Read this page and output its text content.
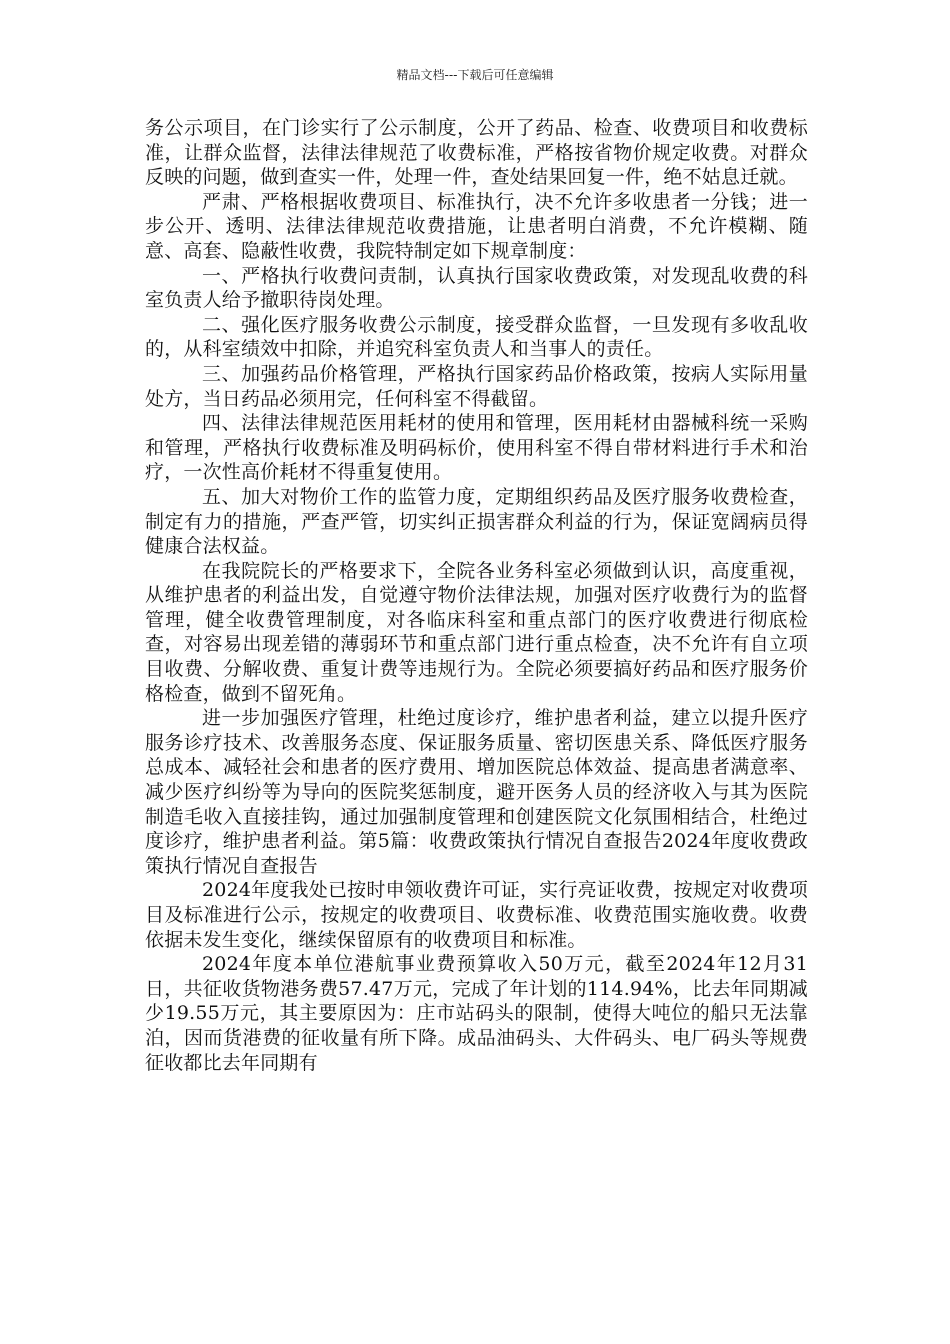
精品文档---下载后可任意编辑

务公示项目，在门诊实行了公示制度，公开了药品、检查、收费项目和收费标准，让群众监督，法律法律规范了收费标准，严格按省物价规定收费。对群众反映的问题，做到查实一件，处理一件，查处结果回复一件，绝不姑息迁就。

严肃、严格根据收费项目、标准执行，决不允许多收患者一分钱；进一步公开、透明、法律法律规范收费措施，让患者明白消费，不允许模糊、随意、高套、隐蔽性收费，我院特制定如下规章制度：

一、严格执行收费问责制，认真执行国家收费政策，对发现乱收费的科室负责人给予撤职待岗处理。

二、强化医疗服务收费公示制度，接受群众监督，一旦发现有多收乱收的，从科室绩效中扣除，并追究科室负责人和当事人的责任。

三、加强药品价格管理，严格执行国家药品价格政策，按病人实际用量处方，当日药品必须用完，任何科室不得截留。

四、法律法律规范医用耗材的使用和管理，医用耗材由器械科统一采购和管理，严格执行收费标准及明码标价，使用科室不得自带材料进行手术和治疗，一次性高价耗材不得重复使用。

五、加大对物价工作的监管力度，定期组织药品及医疗服务收费检查，制定有力的措施，严查严管，切实纠正损害群众利益的行为，保证宽阔病员得健康合法权益。

在我院院长的严格要求下，全院各业务科室必须做到认识，高度重视，从维护患者的利益出发，自觉遵守物价法律法规，加强对医疗收费行为的监督管理，健全收费管理制度，对各临床科室和重点部门的医疗收费进行彻底检查，对容易出现差错的薄弱环节和重点部门进行重点检查，决不允许有自立项目收费、分解收费、重复计费等违规行为。全院必须要搞好药品和医疗服务价格检查，做到不留死角。

进一步加强医疗管理，杜绝过度诊疗，维护患者利益，建立以提升医疗服务诊疗技术、改善服务态度、保证服务质量、密切医患关系、降低医疗服务总成本、减轻社会和患者的医疗费用、增加医院总体效益、提高患者满意率、减少医疗纠纷等为导向的医院奖惩制度，避开医务人员的经济收入与其为医院制造毛收入直接挂钩，通过加强制度管理和创建医院文化氛围相结合，杜绝过度诊疗，维护患者利益。第5篇：收费政策执行情况自查报告2024年度收费政策执行情况自查报告

2024年度我处已按时申领收费许可证，实行亮证收费，按规定对收费项目及标准进行公示，按规定的收费项目、收费标准、收费范围实施收费。收费依据未发生变化，继续保留原有的收费项目和标准。

2024年度本单位港航事业费预算收入50万元，截至2024年12月31日，共征收货物港务费57.47万元，完成了年计划的114.94%，比去年同期减少19.55万元，其主要原因为：庄市站码头的限制，使得大吨位的船只无法靠泊，因而货港费的征收量有所下降。成品油码头、大件码头、电厂码头等规费征收都比去年同期有
